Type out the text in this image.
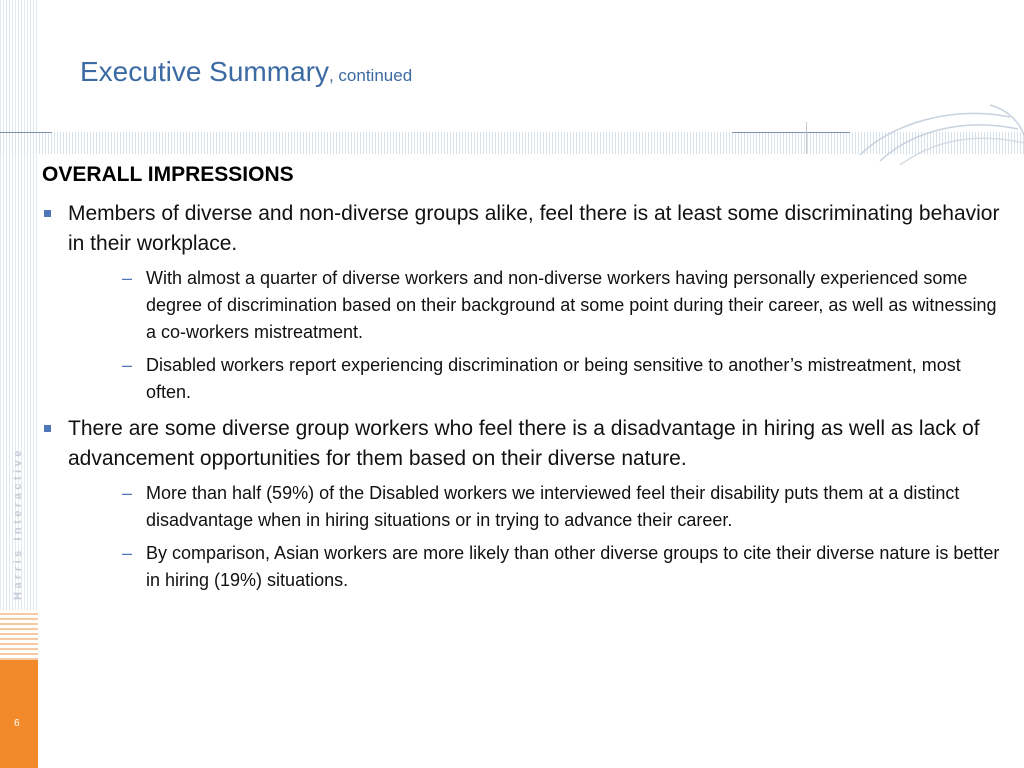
6
Harris Interactive
Executive Summary, continued
OVERALL IMPRESSIONS
Members of diverse and non-diverse groups alike, feel there is at least some discriminating behavior in their workplace.
– With almost a quarter of diverse workers and non-diverse workers having personally experienced some degree of discrimination based on their background at some point during their career, as well as witnessing a co-workers mistreatment.
– Disabled workers report experiencing discrimination or being sensitive to another’s mistreatment, most often.
There are some diverse group workers who feel there is a disadvantage in hiring as well as lack of advancement opportunities for them based on their diverse nature.
– More than half (59%) of the Disabled workers we interviewed feel their disability puts them at a distinct disadvantage when in hiring situations or in trying to advance their career.
– By comparison, Asian workers are more likely than other diverse groups to cite their diverse nature is better in hiring (19%) situations.
